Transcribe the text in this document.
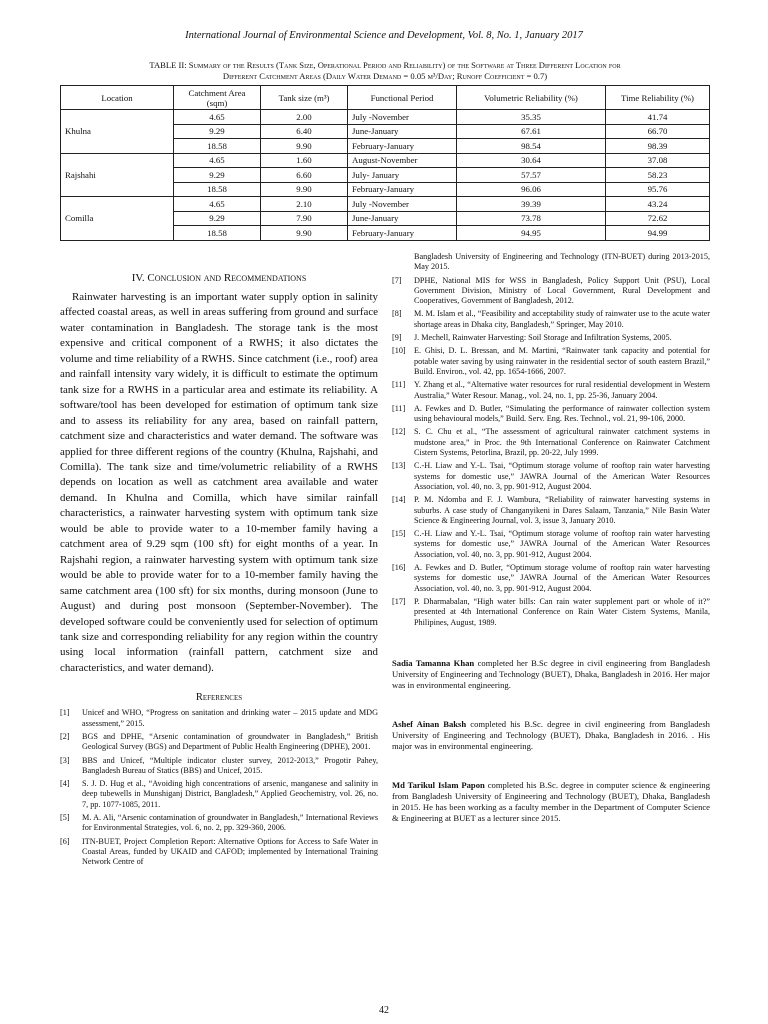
International Journal of Environmental Science and Development, Vol. 8, No. 1, January 2017
TABLE II: Summary of the Results (Tank Size, Operational Period and Reliability) of the Software at Three Different Location for
Different Catchment Areas (Daily Water Demand = 0.05 m³/Day; Runoff Coefficient = 0.7)
Location	Catchment Area (sqm)	Tank size (m³)	Functional Period	Volumetric Reliability (%)	Time Reliability (%)
Khulna	4.65	2.00	July -November	35.35	41.74
	9.29	6.40	June-January	67.61	66.70
	18.58	9.90	February-January	98.54	98.39
Rajshahi	4.65	1.60	August-November	30.64	37.08
	9.29	6.60	July- January	57.57	58.23
	18.58	9.90	February-January	96.06	95.76
Comilla	4.65	2.10	July -November	39.39	43.24
	9.29	7.90	June-January	73.78	72.62
	18.58	9.90	February-January	94.95	94.99
IV. Conclusion and Recommendations

Rainwater harvesting is an important water supply option in salinity affected coastal areas, as well in areas suffering from ground and surface water contamination in Bangladesh. The storage tank is the most expensive and critical component of a RWHS; it also dictates the volume and time reliability of a RWHS. Since catchment (i.e., roof) area and rainfall intensity vary widely, it is difficult to estimate the optimum tank size for a RWHS in a particular area and estimate its reliability. A software/tool has been developed for estimation of optimum tank size and to assess its reliability for any area, based on rainfall pattern, catchment size and characteristics and water demand. The software was applied for three different regions of the country (Khulna, Rajshahi, and Comilla). The tank size and time/volumetric reliability of a RWHS depends on location as well as catchment area available and water demand. In Khulna and Comilla, which have similar rainfall characteristics, a rainwater harvesting system with optimum tank size would be able to provide water to a 10-member family having a catchment area of 9.29 sqm (100 sft) for eight months of a year. In Rajshahi region, a rainwater harvesting system with optimum tank size would be able to provide water for to a 10-member family having the same catchment area (100 sft) for six months, during monsoon (June to August) and during post monsoon (September-November). The developed software could be conveniently used for selection of optimum tank size and corresponding reliability for any region within the country using local information (rainfall pattern, catchment size and characteristics, and water demand).

References
[1]	Unicef and WHO, “Progress on sanitation and drinking water – 2015 update and MDG assessment,” 2015.
[2]	BGS and DPHE, “Arsenic contamination of groundwater in Bangladesh,” British Geological Survey (BGS) and Department of Public Health Engineering (DPHE), 2001.
[3]	BBS and Unicef, “Multiple indicator cluster survey, 2012-2013,” Progotir Pahey, Bangladesh Bureau of Statics (BBS) and Unicef, 2015.
[4]	S. J. D. Hug et al., “Avoiding high concentrations of arsenic, manganese and salinity in deep tubewells in Munshiganj District, Bangladesh,” Applied Geochemistry, vol. 26, no. 7, pp. 1077-1085, 2011.
[5]	M. A. Ali, “Arsenic contamination of groundwater in Bangladesh,” International Reviews for Environmental Strategies, vol. 6, no. 2, pp. 329-360, 2006.
[6]	ITN-BUET, Project Completion Report: Alternative Options for Access to Safe Water in Coastal Areas, funded by UKAID and CAFOD; implemented by International Training Network Centre of
Bangladesh University of Engineering and Technology (ITN-BUET) during 2013-2015, May 2015.
[7]	DPHE, National MIS for WSS in Bangladesh, Policy Support Unit (PSU), Local Government Division, Ministry of Local Government, Rural Development and Cooperatives, Government of Bangladesh, 2012.
[8]	M. M. Islam et al., “Feasibility and acceptability study of rainwater use to the acute water shortage areas in Dhaka city, Bangladesh,” Springer, May 2010.
[9]	J. Mechell, Rainwater Harvesting: Soil Storage and Infiltration Systems, 2005.
[10]	E. Ghisi, D. L. Bressan, and M. Martini, “Rainwater tank capacity and potential for potable water saving by using rainwater in the residential sector of south eastern Brazil,” Build. Environ., vol. 42, pp. 1654-1666, 2007.
[11]	Y. Zhang et al., “Alternative water resources for rural residential development in Western Australia,” Water Resour. Manag., vol. 24, no. 1, pp. 25-36, January 2004.
[11]	A. Fewkes and D. Butler, “Simulating the performance of rainwater collection system using behavioural models,” Build. Serv. Eng. Res. Technol., vol. 21, 99-106, 2000.
[12]	S. C. Chu et al., “The assessment of agricultural rainwater catchment systems in mudstone area,” in Proc. the 9th International Conference on Rainwater Catchment Cistern Systems, Petorlina, Brazil, pp. 20-22, July 1999.
[13]	C.-H. Liaw and Y.-L. Tsai, “Optimum storage volume of rooftop rain water harvesting systems for domestic use,” JAWRA Journal of the American Water Resources Association, vol. 40, no. 3, pp. 901-912, August 2004.
[14]	P. M. Ndomba and F. J. Wambura, “Reliability of rainwater harvesting systems in suburbs. A case study of Changanyikeni in Dares Salaam, Tanzania,” Nile Basin Water Science & Engineering Journal, vol. 3, issue 3, January 2010.
[15]	C.-H. Liaw and Y.-L. Tsai, “Optimum storage volume of rooftop rain water harvesting systems for domestic use,” JAWRA Journal of the American Water Resources Association, vol. 40, no. 3, pp. 901-912, August 2004.
[16]	A. Fewkes and D. Butler, “Optimum storage volume of rooftop rain water harvesting systems for domestic use,” JAWRA Journal of the American Water Resources Association, vol. 40, no. 3, pp. 901-912, August 2004.
[17]	P. Dharmabalan, “High water bills: Can rain water supplement part or whole of it?” presented at 4th International Conference on Rain Water Cistern Systems, Manila, Philipines, August, 1989.

Sadia Tamanna Khan completed her B.Sc degree in civil engineering from Bangladesh University of Engineering and Technology (BUET), Dhaka, Bangladesh in 2016. Her major was in environmental engineering.

Ashef Ainan Baksh completed his B.Sc. degree in civil engineering from Bangladesh University of Engineering and Technology (BUET), Dhaka, Bangladesh in 2016. . His major was in environmental engineering.

Md Tarikul Islam Papon completed his B.Sc. degree in computer science & engineering from Bangladesh University of Engineering and Technology (BUET), Dhaka, Bangladesh in 2015. He has been working as a faculty member in the Department of Computer Science & Engineering at BUET as a lecturer since 2015.

42
